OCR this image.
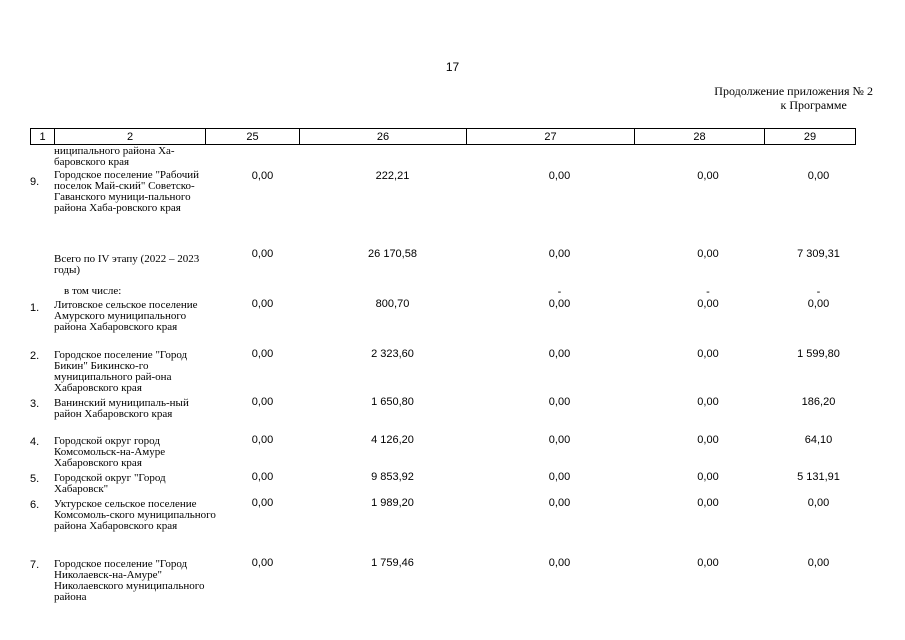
17
Продолжение приложения № 2
к Программе
1	2	25	26	27	28	29
	ниципального района Ха-баровского края					
9.	Городское поселение "Рабочий поселок Май-ский" Советско-Гаванского муници-пального района Хаба-ровского края	0,00	222,21	0,00	0,00	0,00
	Всего по IV этапу (2022 – 2023 годы)	0,00	26 170,58	0,00	0,00	7 309,31
	в том числе:			-	-	-
1.	Литовское сельское поселение Амурского муниципального района Хабаровского края	0,00	800,70	0,00	0,00	0,00
2.	Городское поселение "Город Бикин" Бикинско-го муниципального рай-она Хабаровского края	0,00	2 323,60	0,00	0,00	1 599,80
3.	Ванинский муниципаль-ный район Хабаровского края	0,00	1 650,80	0,00	0,00	186,20
4.	Городской округ город Комсомольск-на-Амуре Хабаровского края	0,00	4 126,20	0,00	0,00	64,10
5.	Городской округ "Город Хабаровск"	0,00	9 853,92	0,00	0,00	5 131,91
6.	Уктурское сельское поселение Комсомоль-ского муниципального района Хабаровского края	0,00	1 989,20	0,00	0,00	0,00
7.	Городское поселение "Город Николаевск-на-Амуре" Николаевского муниципального района	0,00	1 759,46	0,00	0,00	0,00
